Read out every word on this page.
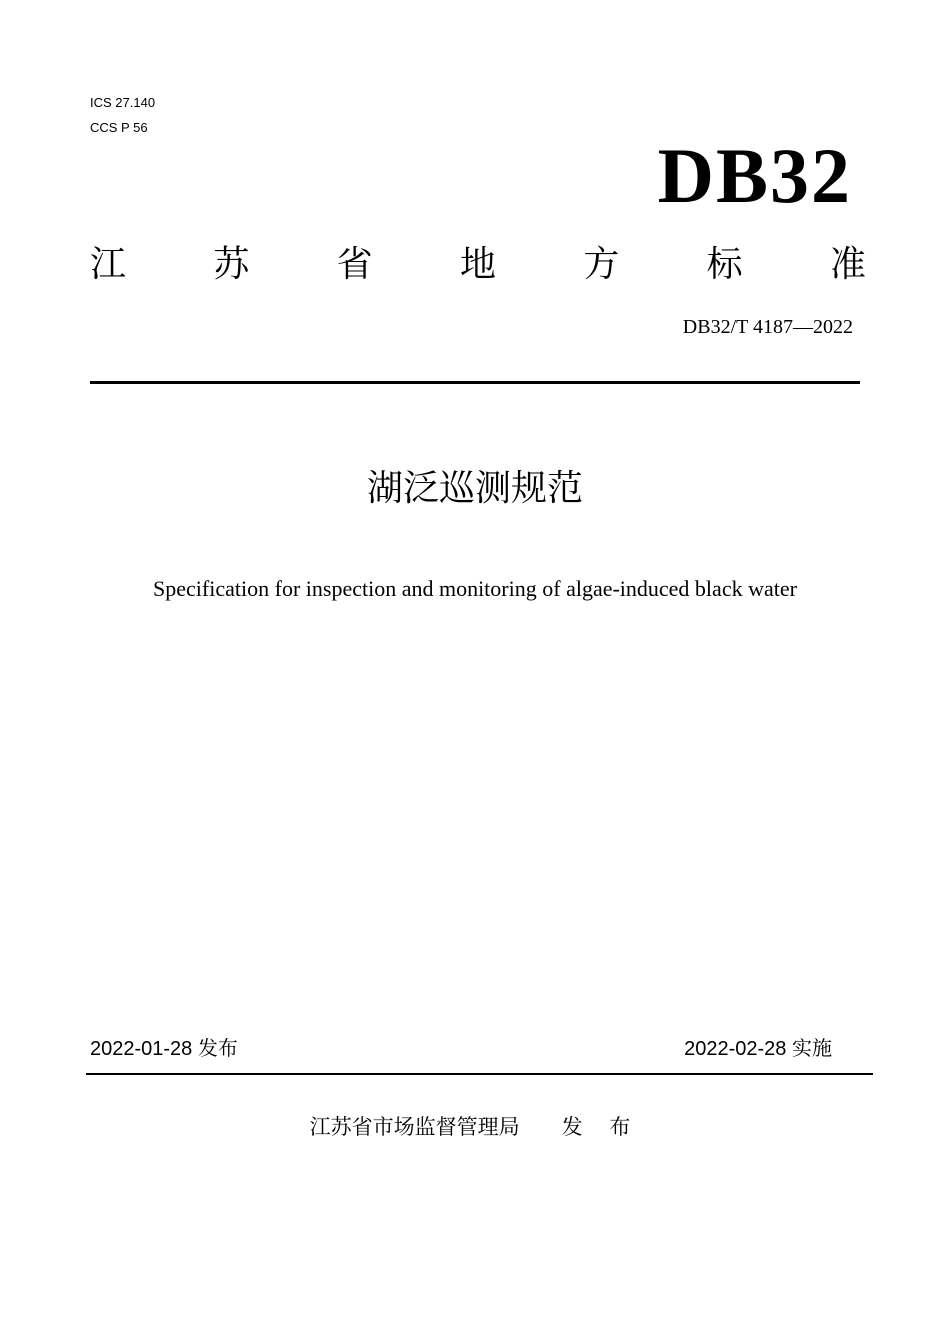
ICS 27.140
CCS P 56
DB32
江 苏 省 地 方 标 准
DB32/T 4187—2022
湖泛巡测规范
Specification for inspection and monitoring of algae-induced black water
2022-01-28 发布	2022-02-28 实施
江苏省市场监督管理局 发 布
